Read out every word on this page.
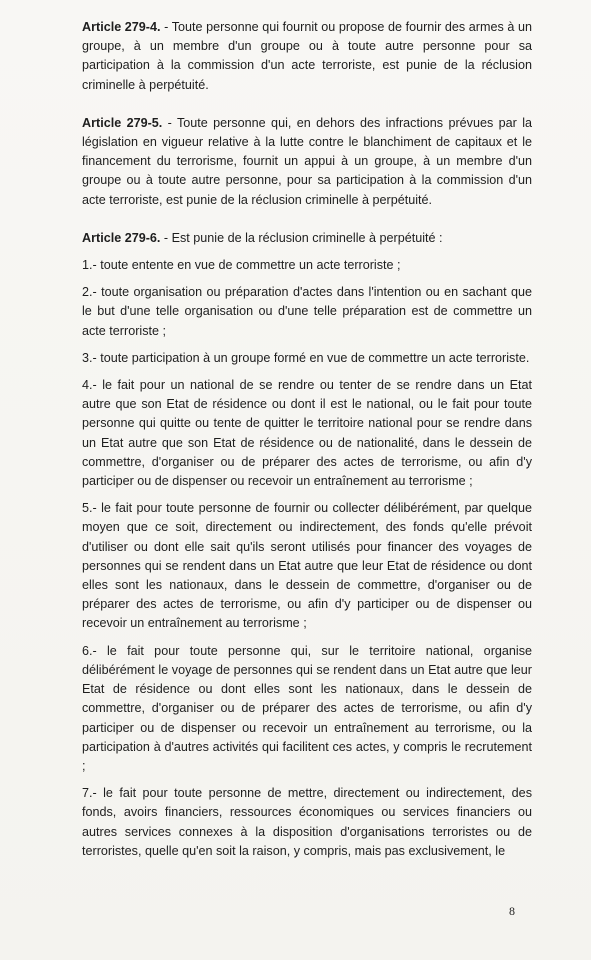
Article 279-4. - Toute personne qui fournit ou propose de fournir des armes à un groupe, à un membre d'un groupe ou à toute autre personne pour sa participation à la commission d'un acte terroriste, est punie de la réclusion criminelle à perpétuité.

Article 279-5. - Toute personne qui, en dehors des infractions prévues par la législation en vigueur relative à la lutte contre le blanchiment de capitaux et le financement du terrorisme, fournit un appui à un groupe, à un membre d'un groupe ou à toute autre personne, pour sa participation à la commission d'un acte terroriste, est punie de la réclusion criminelle à perpétuité.

Article 279-6. - Est punie de la réclusion criminelle à perpétuité :

1.- toute entente en vue de commettre un acte terroriste ;

2.- toute organisation ou préparation d'actes dans l'intention ou en sachant que le but d'une telle organisation ou d'une telle préparation est de commettre un acte terroriste ;

3.- toute participation à un groupe formé en vue de commettre un acte terroriste.

4.- le fait pour un national de se rendre ou tenter de se rendre dans un Etat autre que son Etat de résidence ou dont il est le national, ou le fait pour toute personne qui quitte ou tente de quitter le territoire national pour se rendre dans un Etat autre que son Etat de résidence ou de nationalité, dans le dessein de commettre, d'organiser ou de préparer des actes de terrorisme, ou afin d'y participer ou de dispenser ou recevoir un entraînement au terrorisme ;

5.- le fait pour toute personne de fournir ou collecter délibérément, par quelque moyen que ce soit, directement ou indirectement, des fonds qu'elle prévoit d'utiliser ou dont elle sait qu'ils seront utilisés pour financer des voyages de personnes qui se rendent dans un Etat autre que leur Etat de résidence ou dont elles sont les nationaux, dans le dessein de commettre, d'organiser ou de préparer des actes de terrorisme, ou afin d'y participer ou de dispenser ou recevoir un entraînement au terrorisme ;

6.- le fait pour toute personne qui, sur le territoire national, organise délibérément le voyage de personnes qui se rendent dans un Etat autre que leur Etat de résidence ou dont elles sont les nationaux, dans le dessein de commettre, d'organiser ou de préparer des actes de terrorisme, ou afin d'y participer ou de dispenser ou recevoir un entraînement au terrorisme, ou la participation à d'autres activités qui facilitent ces actes, y compris le recrutement ;

7.- le fait pour toute personne de mettre, directement ou indirectement, des fonds, avoirs financiers, ressources économiques ou services financiers ou autres services connexes à la disposition d'organisations terroristes ou de terroristes, quelle qu'en soit la raison, y compris, mais pas exclusivement, le

8
